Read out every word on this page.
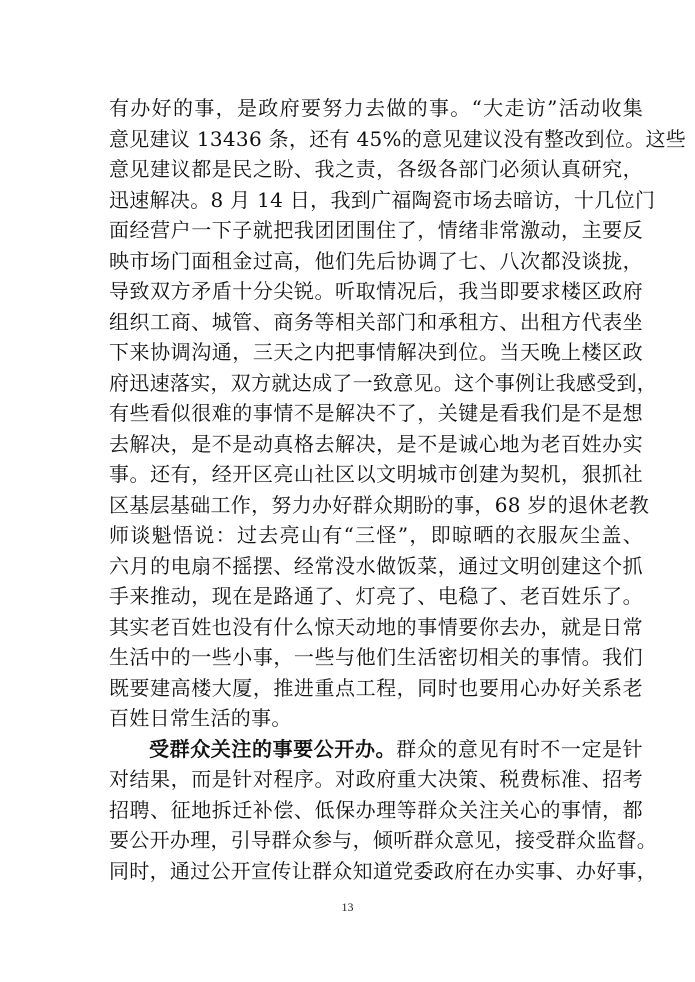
有办好的事，是政府要努力去做的事。“大走访”活动收集
意见建议 13436 条，还有 45%的意见建议没有整改到位。这些
意见建议都是民之盼、我之责，各级各部门必须认真研究，
迅速解决。8 月 14 日，我到广福陶瓷市场去暗访，十几位门
面经营户一下子就把我团团围住了，情绪非常激动，主要反
映市场门面租金过高，他们先后协调了七、八次都没谈拢，
导致双方矛盾十分尖锐。听取情况后，我当即要求楼区政府
组织工商、城管、商务等相关部门和承租方、出租方代表坐
下来协调沟通，三天之内把事情解决到位。当天晚上楼区政
府迅速落实，双方就达成了一致意见。这个事例让我感受到，
有些看似很难的事情不是解决不了，关键是看我们是不是想
去解决，是不是动真格去解决，是不是诚心地为老百姓办实
事。还有，经开区亮山社区以文明城市创建为契机，狠抓社
区基层基础工作，努力办好群众期盼的事，68 岁的退休老教
师谈魁悟说：过去亮山有“三怪”，即晾晒的衣服灰尘盖、
六月的电扇不摇摆、经常没水做饭菜，通过文明创建这个抓
手来推动，现在是路通了、灯亮了、电稳了、老百姓乐了。
其实老百姓也没有什么惊天动地的事情要你去办，就是日常
生活中的一些小事，一些与他们生活密切相关的事情。我们
既要建高楼大厦，推进重点工程，同时也要用心办好关系老
百姓日常生活的事。
受群众关注的事要公开办。群众的意见有时不一定是针
对结果，而是针对程序。对政府重大决策、税费标准、招考
招聘、征地拆迁补偿、低保办理等群众关注关心的事情，都
要公开办理，引导群众参与，倾听群众意见，接受群众监督。
同时，通过公开宣传让群众知道党委政府在办实事、办好事，
13
